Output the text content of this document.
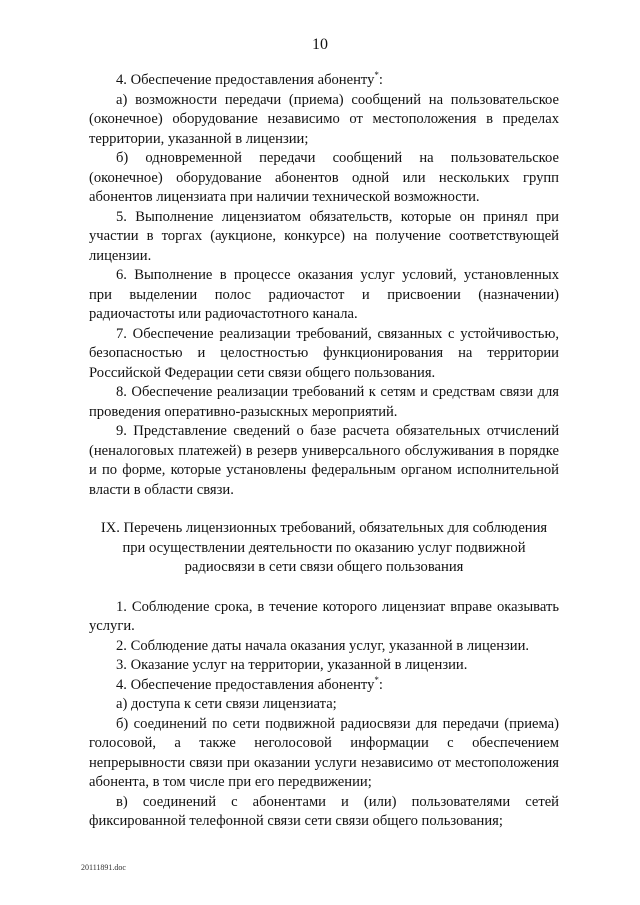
10

4. Обеспечение предоставления абоненту*:

а) возможности передачи (приема) сообщений на пользовательское (оконечное) оборудование независимо от местоположения в пределах территории, указанной в лицензии;

б) одновременной передачи сообщений на пользовательское (оконечное) оборудование абонентов одной или нескольких групп абонентов лицензиата при наличии технической возможности.

5. Выполнение лицензиатом обязательств, которые он принял при участии в торгах (аукционе, конкурсе) на получение соответствующей лицензии.

6. Выполнение в процессе оказания услуг условий, установленных при выделении полос радиочастот и присвоении (назначении) радиочастоты или радиочастотного канала.

7. Обеспечение реализации требований, связанных с устойчивостью, безопасностью и целостностью функционирования на территории Российской Федерации сети связи общего пользования.

8. Обеспечение реализации требований к сетям и средствам связи для проведения оперативно-разыскных мероприятий.

9. Представление сведений о базе расчета обязательных отчислений (неналоговых платежей) в резерв универсального обслуживания в порядке и по форме, которые установлены федеральным органом исполнительной власти в области связи.

IX. Перечень лицензионных требований, обязательных для соблюдения
при осуществлении деятельности по оказанию услуг подвижной
радиосвязи в сети связи общего пользования

1. Соблюдение срока, в течение которого лицензиат вправе оказывать услуги.

2. Соблюдение даты начала оказания услуг, указанной в лицензии.

3. Оказание услуг на территории, указанной в лицензии.

4. Обеспечение предоставления абоненту*:

а) доступа к сети связи лицензиата;

б) соединений по сети подвижной радиосвязи для передачи (приема) голосовой, а также неголосовой информации с обеспечением непрерывности связи при оказании услуги независимо от местоположения абонента, в том числе при его передвижении;

в) соединений с абонентами и (или) пользователями сетей фиксированной телефонной связи сети связи общего пользования;

20111891.doc
